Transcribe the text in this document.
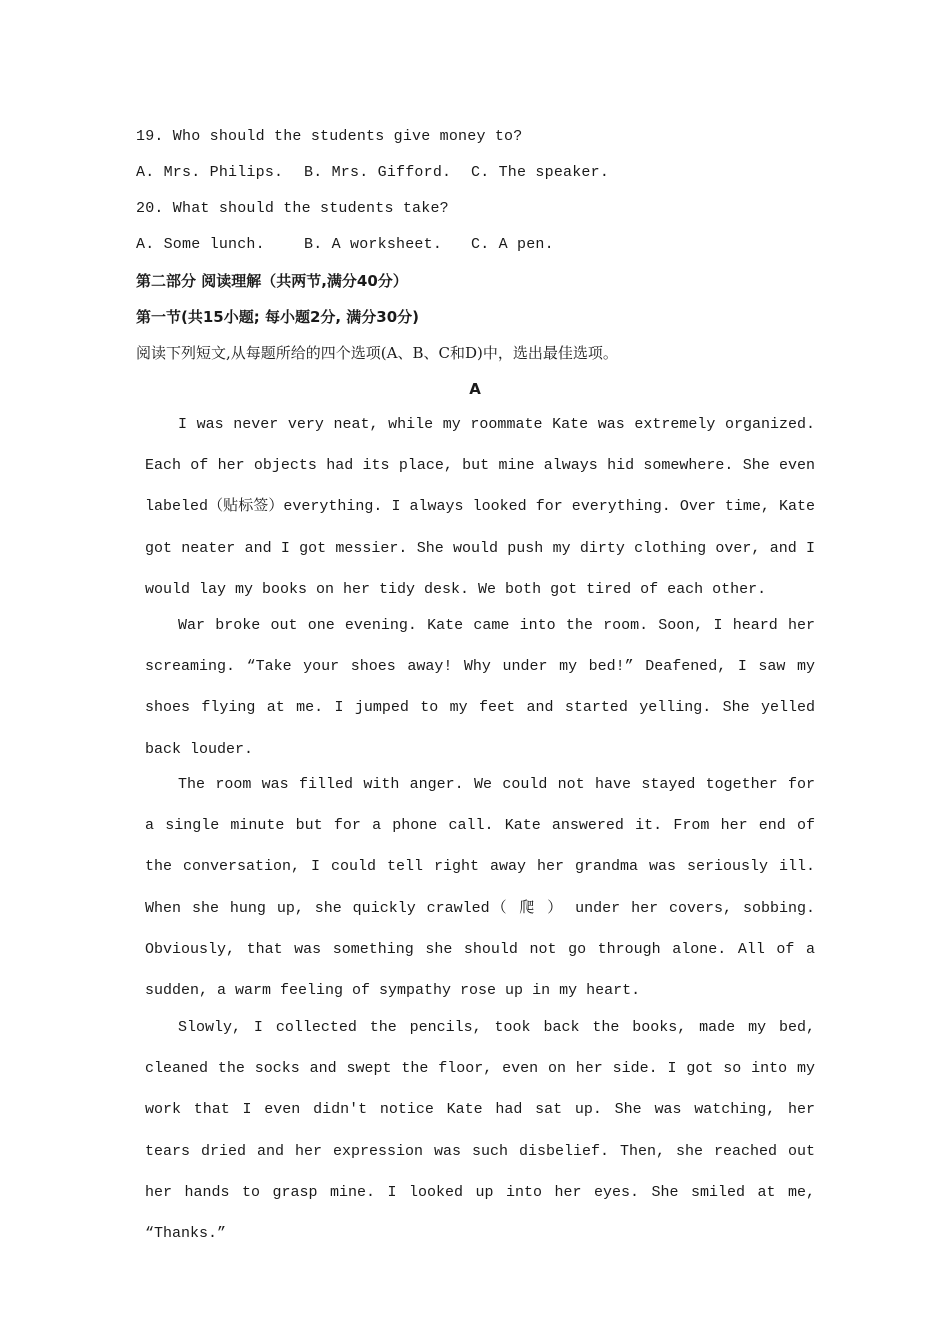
19. Who should the students give money to?
A. Mrs. Philips. B. Mrs. Gifford. C. The speaker.
20. What should the students take?
A. Some lunch.	B. A worksheet. C. A pen.
第二部分 阅读理解（共两节,满分40分）
第一节(共15小题; 每小题2分, 满分30分)
阅读下列短文,从每题所给的四个选项(A、B、C和D)中，选出最佳选项。
A

I was never very neat, while my roommate Kate was extremely organized. Each of her objects had its place, but mine always hid somewhere. She even labeled（贴标签）everything. I always looked for everything. Over time, Kate got neater and I got messier. She would push my dirty clothing over, and I would lay my books on her tidy desk. We both got tired of each other.

War broke out one evening. Kate came into the room. Soon, I heard her screaming. “Take your shoes away! Why under my bed!” Deafened, I saw my shoes flying at me. I jumped to my feet and started yelling. She yelled back louder.

The room was filled with anger. We could not have stayed together for a single minute but for a phone call. Kate answered it. From her end of the conversation, I could tell right away her grandma was seriously ill. When she hung up, she quickly crawled（ 爬 ） under her covers, sobbing. Obviously, that was something she should not go through alone. All of a sudden, a warm feeling of sympathy rose up in my heart.

Slowly, I collected the pencils, took back the books, made my bed, cleaned the socks and swept the floor, even on her side. I got so into my work that I even didn't notice Kate had sat up. She was watching, her tears dried and her expression was such disbelief. Then, she reached out her hands to grasp mine. I looked up into her eyes. She smiled at me, “Thanks.”
